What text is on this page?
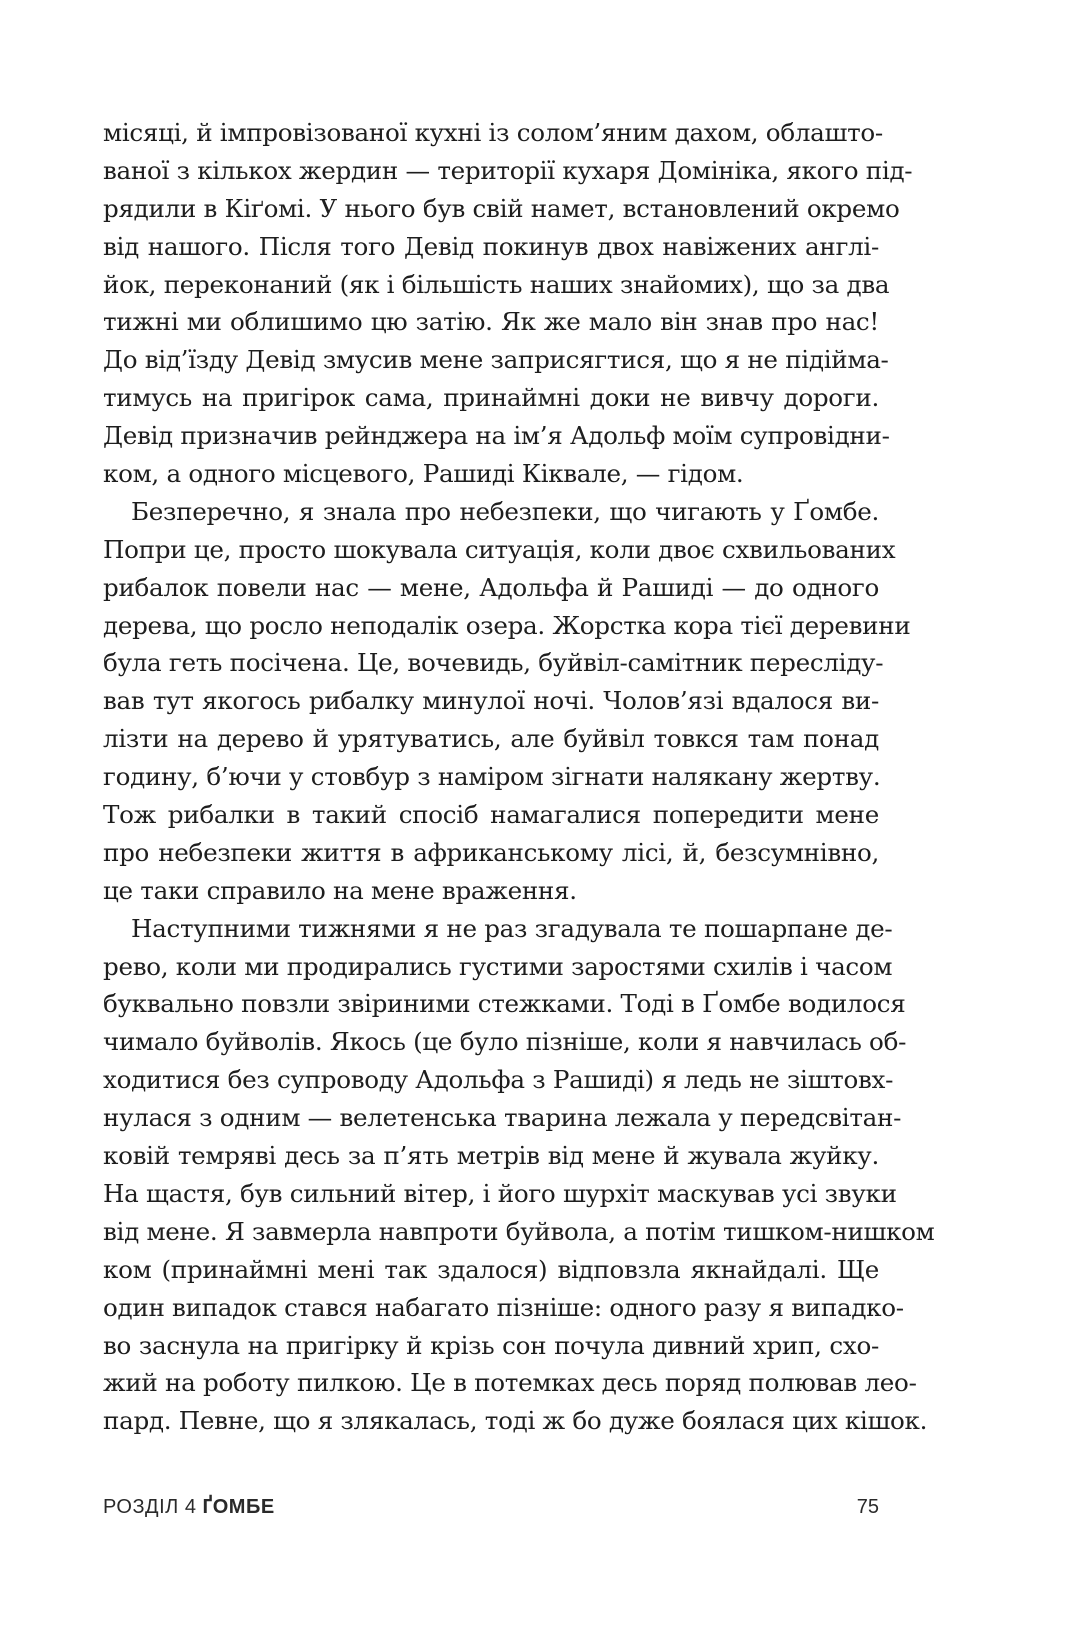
місяці, й імпровізованої кухні із солом’яним дахом, облашто-
ваної з кількох жердин — території кухаря Домініка, якого під-
рядили в Кіґомі. У нього був свій намет, встановлений окремо
від нашого. Після того Девід покинув двох навіжених англі-
йок, переконаний (як і більшість наших знайомих), що за два
тижні ми облишимо цю затію. Як же мало він знав про нас!
До від’їзду Девід змусив мене заприсягтися, що я не підійма-
тимусь на пригірок сама, принаймні доки не вивчу дороги.
Девід призначив рейнджера на ім’я Адольф моїм супровідни-
ком, а одного місцевого, Рашиді Кіквале, — гідом.
Безперечно, я знала про небезпеки, що чигають у Ґомбе.
Попри це, просто шокувала ситуація, коли двоє схвильованих
рибалок повели нас — мене, Адольфа й Рашиді — до одного
дерева, що росло неподалік озера. Жорстка кора тієї деревини
була геть посічена. Це, вочевидь, буйвіл-самітник пересліду-
вав тут якогось рибалку минулої ночі. Чолов’язі вдалося ви-
лізти на дерево й урятуватись, але буйвіл товкся там понад
годину, б’ючи у стовбур з наміром зігнати налякану жертву.
Тож рибалки в такий спосіб намагалися попередити мене
про небезпеки життя в африканському лісі, й, безсумнівно,
це таки справило на мене враження.
Наступними тижнями я не раз згадувала те пошарпане де-
рево, коли ми продирались густими заростями схилів і часом
буквально повзли звіриними стежками. Тоді в Ґомбе водилося
чимало буйволів. Якось (це було пізніше, коли я навчилась об-
ходитися без супроводу Адольфа з Рашиді) я ледь не зіштовх-
нулася з одним — велетенська тварина лежала у передсвітан-
ковій темряві десь за п’ять метрів від мене й жувала жуйку.
На щастя, був сильний вітер, і його шурхіт маскував усі звуки
від мене. Я завмерла навпроти буйвола, а потім тишком-нишком
ком (принаймні мені так здалося) відповзла якнайдалі. Ще
один випадок стався набагато пізніше: одного разу я випадко-
во заснула на пригірку й крізь сон почула дивний хрип, схо-
жий на роботу пилкою. Це в потемках десь поряд полював лео-
пард. Певне, що я злякалась, тоді ж бо дуже боялася цих кішок.
РОЗДІЛ 4 ҐОМБЕ	75
